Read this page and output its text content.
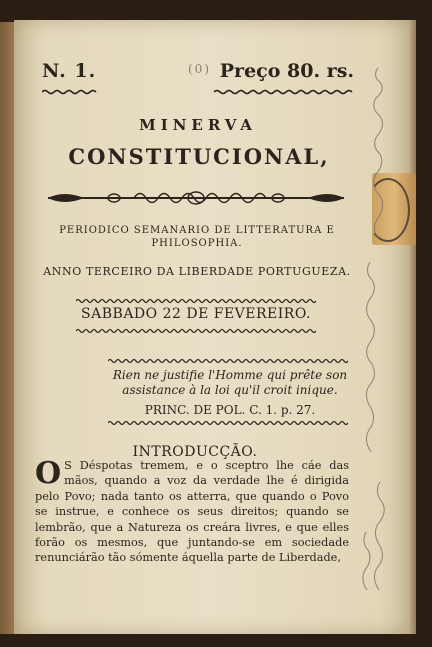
N. 1.	(0) Preço 80. rs.
MINERVA
CONSTITUCIONAL,
PERIODICO SEMANARIO DE LITTERATURA E PHILOSOPHIA.
ANNO TERCEIRO DA LIBERDADE PORTUGUEZA.
SABBADO 22 DE FEVEREIRO.
Rien ne justifie l'Homme qui prête son assistance à la loi qu'il croit inique.
PRINC. DE POL. C. 1. p. 27.
INTRODUCÇÃO.
O S Déspotas tremem, e o sceptro lhe cáe das mãos, quando a voz da verdade lhe é dirigida pelo Povo; nada tanto os atterra, que quando o Povo se instrue, e conhece os seus direitos; quando se lembrão, que a Natureza os creára livres, e que elles forão os mesmos, que juntando-se em sociedade renunciárão tão sómente áquella parte de Liberdade,
